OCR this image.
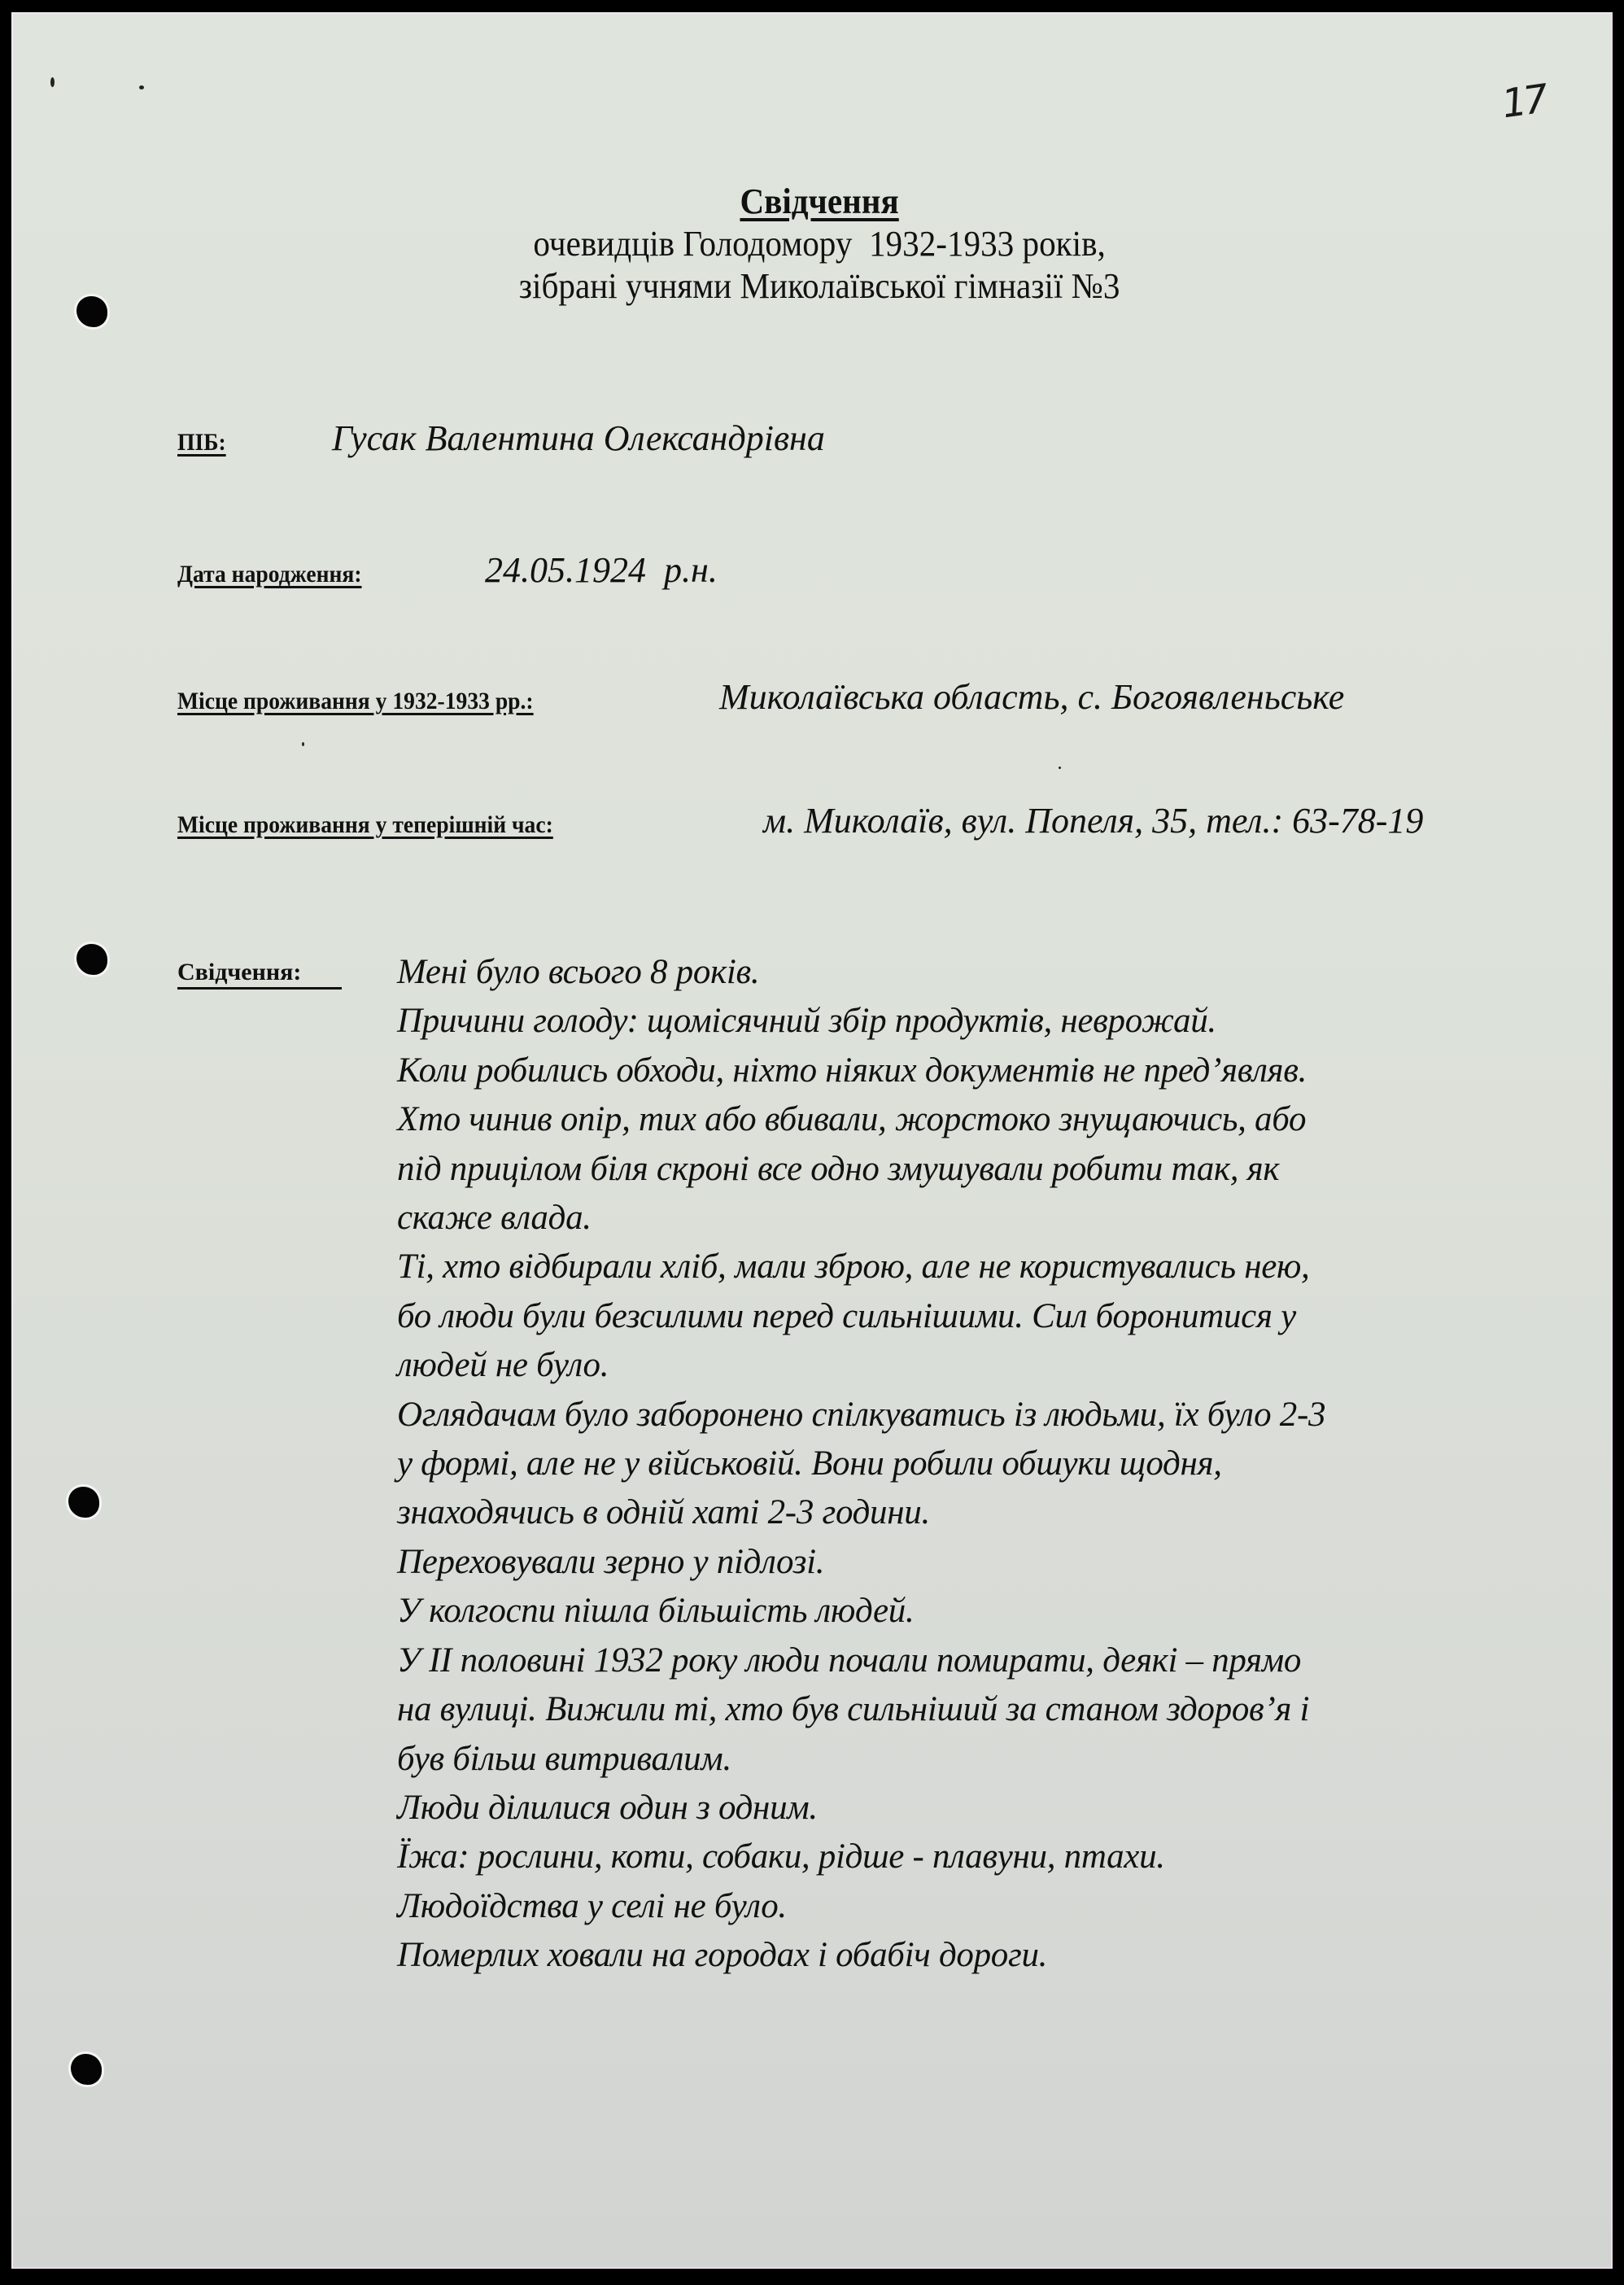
17
Свідчення
очевидців Голодомору  1932-1933 років,
зібрані учнями Миколаївської гімназії №3
ПІБ:	Гусак Валентина Олександрівна
Дата народження:	24.05.1924  р.н.
Місце проживання у 1932-1933 рр.:	Миколаївська область, с. Богоявленьське
Місце проживання у теперішній час:	м. Миколаїв, вул. Попеля, 35, тел.: 63-78-19
Свідчення:	Мені було всього 8 років.
Причини голоду: щомісячний збір продуктів, неврожай.
Коли робились обходи, ніхто ніяких документів не пред’являв.
Хто чинив опір, тих або вбивали, жорстоко знущаючись, або
під прицілом біля скроні все одно змушували робити так, як
скаже влада.
Ті, хто відбирали хліб, мали зброю, але не користувались нею,
бо люди були безсилими перед сильнішими. Сил боронитися у
людей не було.
Оглядачам було заборонено спілкуватись із людьми, їх було 2-3
у формі, але не у військовій. Вони робили обшуки щодня,
знаходячись в одній хаті 2-3 години.
Переховували зерно у підлозі.
У колгоспи пішла більшість людей.
У ІІ половині 1932 року люди почали помирати, деякі – прямо
на вулиці. Вижили ті, хто був сильніший за станом здоров’я і
був більш витривалим.
Люди ділилися один з одним.
Їжа: рослини, коти, собаки, рідше - плавуни, птахи.
Людоїдства у селі не було.
Померлих ховали на городах і обабіч дороги.
